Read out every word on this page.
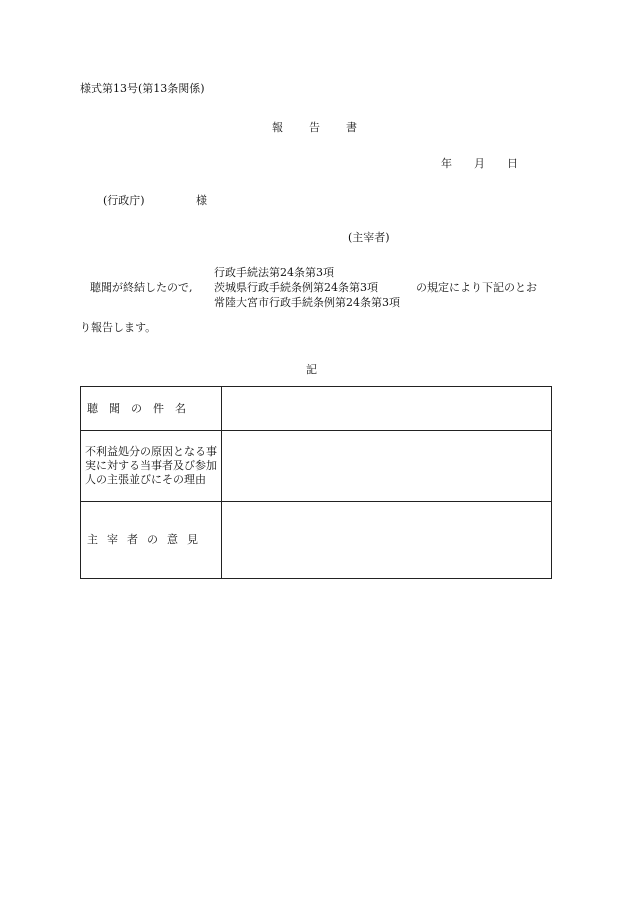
様式第13号(第13条関係)
報 告 書
年 月 日
(行政庁)	様
(主宰者)
行政手続法第24条第3項
茨城県行政手続条例第24条第3項
常陸大宮市行政手続条例第24条第3項
聴聞が終結したので,	の規定により下記のとお
り報告します。
記
聴聞の件名	
不利益処分の原因となる事実に対する当事者及び参加人の主張並びにその理由	
主宰者の意見	
